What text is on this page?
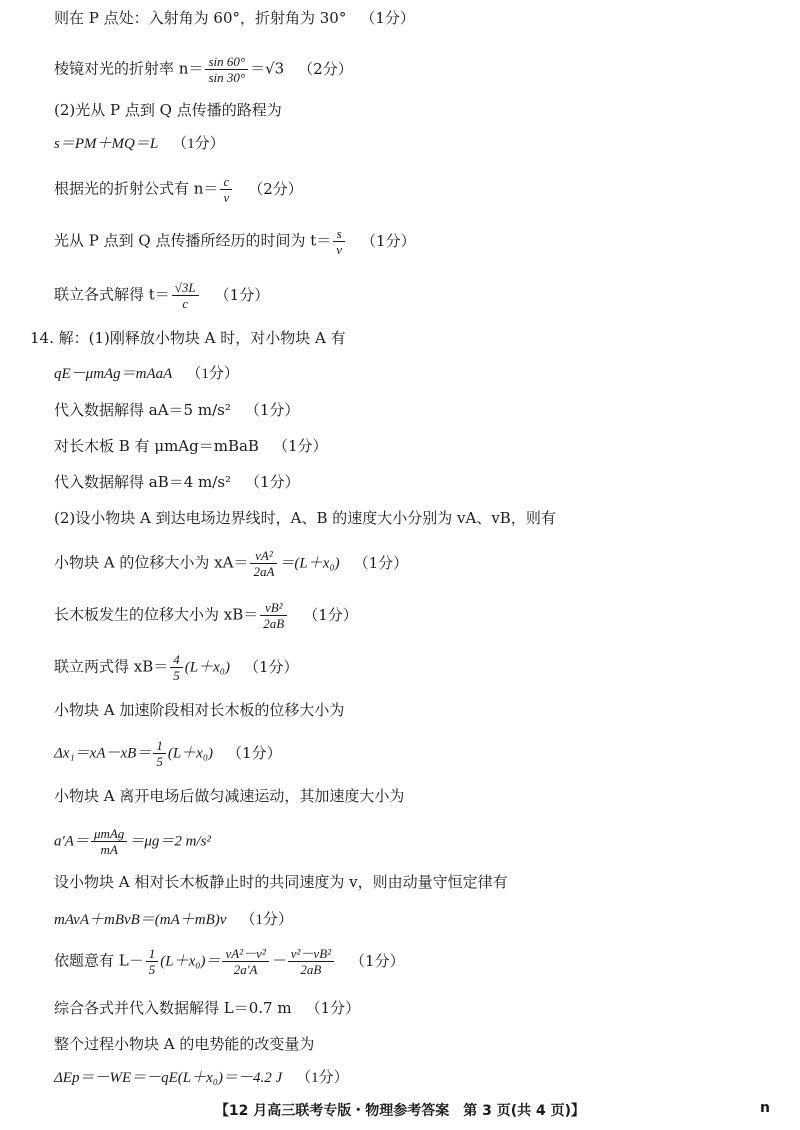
则在 P 点处：入射角为 60°，折射角为 30° （1分）
棱镜对光的折射率 $n= \frac{\sin 60^\circ}{\sin 30^\circ} =√3$ （2分）
(2)光从 P 点到 Q 点传播的路程为
s＝PM＋MQ＝L （1分）
根据光的折射公式有 $n= \frac{c}{v} (2$分）
光从 P 点到 Q 点传播所经历的时间为 $t= \frac{s}{v} (1$分）
联立各式解得 $t= \frac{√3L}{c} (1$分）
14. 解：(1)刚释放小物块 A 时，对小物块 A 有
qE－μmAg＝mAaA （1分）
代入数据解得 aA＝5 m/s² （1分）
对长木板 B 有 μmAg＝mBaB （1分）
代入数据解得 aB＝4 m/s² （1分）
(2)设小物块 A 到达电场边界线时，A、B 的速度大小分别为 vA、vB，则有
小物块 A 的位移大小为 $xA= \frac{\text{vA²}}{2aA} =(L+x_0)$ （1分）
长木板发生的位移大小为 $xB= \frac{\text{vB²}}{2aB} (1$分）
联立两式得 $xB= \frac{4}{5} (L+x_0)$ （1分）
小物块 A 加速阶段相对长木板的位移大小为
$\Delta x_1=xA-xB= \frac{1}{5} (L+x_0)$ （1分）
小物块 A 离开电场后做匀减速运动，其加速度大小为
$a'A= \frac{\text{μmAg}}{mA} =\mu g=2$ m/s²
设小物块 A 相对长木板静止时的共同速度为 v，则由动量守恒定律有
mAvA＋mBvB＝(mA＋mB)v （1分）
依题意有 $L- \frac{1}{5} (L+x_0)= \frac{\text{vA²－v²}}{2a'A} - \frac{\text{v²－vB²}}{2aB} (1$分）
综合各式并代入数据解得 L＝0.7 m （1分）
整个过程小物块 A 的电势能的改变量为
ΔEp＝－WE＝－qE(L＋x₀)＝－4.2 J （1分）
【12 月高三联考专版・物理参考答案　第 3 页(共 4 页)】	n
